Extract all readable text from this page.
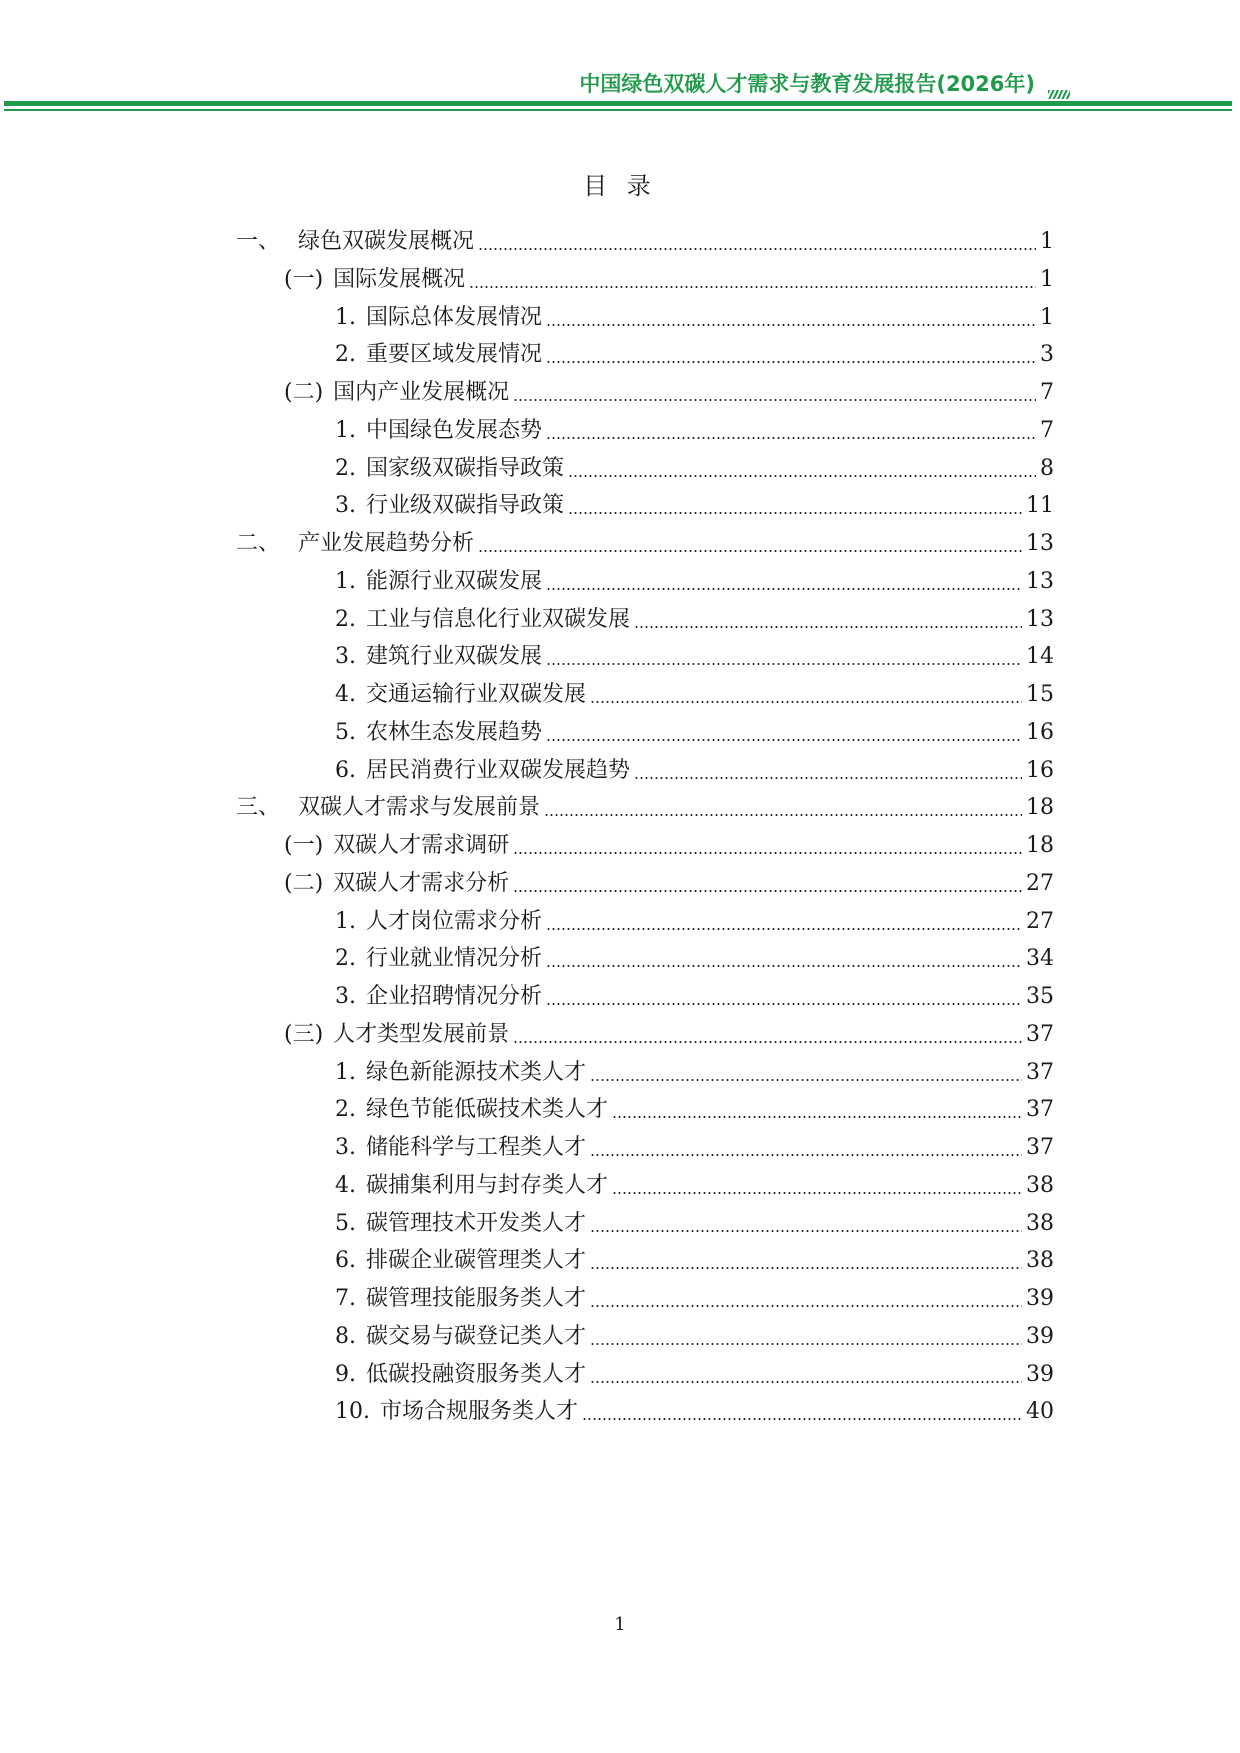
中国绿色双碳人才需求与教育发展报告(2026年)
目 录
一、 绿色双碳发展概况	1
(一) 国际发展概况	1
1. 国际总体发展情况	1
2. 重要区域发展情况	3
(二) 国内产业发展概况	7
1. 中国绿色发展态势	7
2. 国家级双碳指导政策	8
3. 行业级双碳指导政策	11
二、 产业发展趋势分析	13
1. 能源行业双碳发展	13
2. 工业与信息化行业双碳发展	13
3. 建筑行业双碳发展	14
4. 交通运输行业双碳发展	15
5. 农林生态发展趋势	16
6. 居民消费行业双碳发展趋势	16
三、 双碳人才需求与发展前景	18
(一) 双碳人才需求调研	18
(二) 双碳人才需求分析	27
1. 人才岗位需求分析	27
2. 行业就业情况分析	34
3. 企业招聘情况分析	35
(三) 人才类型发展前景	37
1. 绿色新能源技术类人才	37
2. 绿色节能低碳技术类人才	37
3. 储能科学与工程类人才	37
4. 碳捕集利用与封存类人才	38
5. 碳管理技术开发类人才	38
6. 排碳企业碳管理类人才	38
7. 碳管理技能服务类人才	39
8. 碳交易与碳登记类人才	39
9. 低碳投融资服务类人才	39
10. 市场合规服务类人才	40
1
